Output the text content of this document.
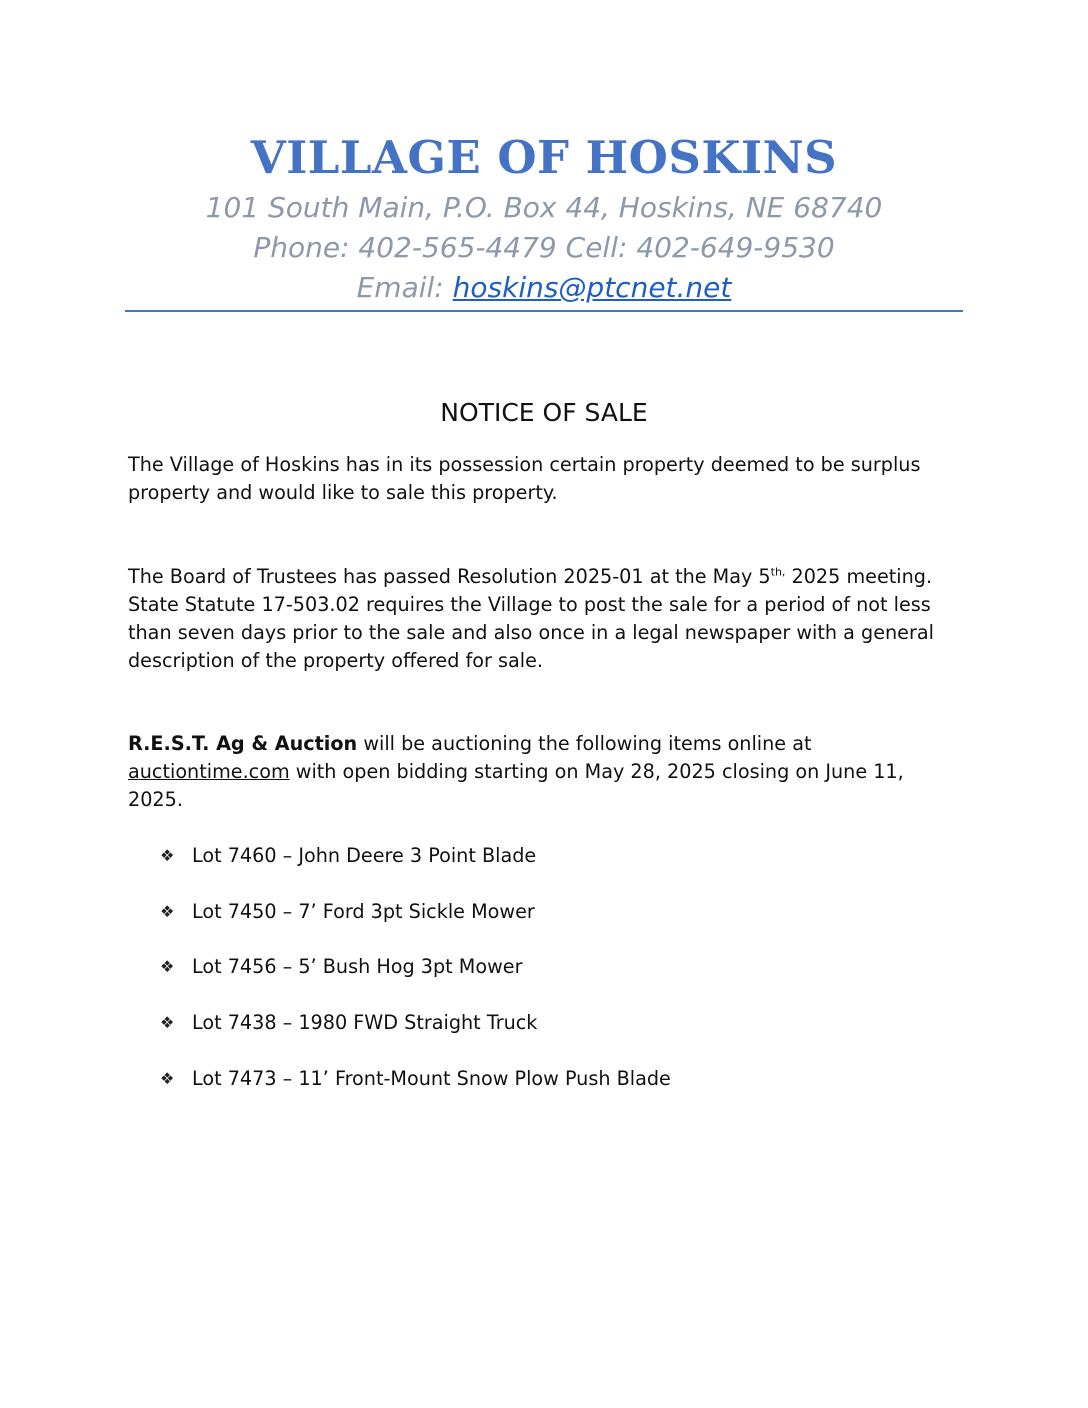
VILLAGE OF HOSKINS

101 South Main, P.O. Box 44, Hoskins, NE 68740

Phone: 402-565-4479 Cell: 402-649-9530

Email: hoskins@ptcnet.net

NOTICE OF SALE

The Village of Hoskins has in its possession certain property deemed to be surplus property and would like to sale this property.

The Board of Trustees has passed Resolution 2025-01 at the May $5^{th,}$ 2025 meeting. State Statute 17-503.02 requires the Village to post the sale for a period of not less than seven days prior to the sale and also once in a legal newspaper with a general description of the property offered for sale.

R.E.S.T. Ag & Auction will be auctioning the following items online at auctiontime.com with open bidding starting on May 28, 2025 closing on June 11, 2025.

❖ Lot 7460 – John Deere 3 Point Blade
❖ Lot 7450 – 7’ Ford 3pt Sickle Mower
❖ Lot 7456 – 5’ Bush Hog 3pt Mower
❖ Lot 7438 – 1980 FWD Straight Truck
❖ Lot 7473 – 11’ Front-Mount Snow Plow Push Blade
